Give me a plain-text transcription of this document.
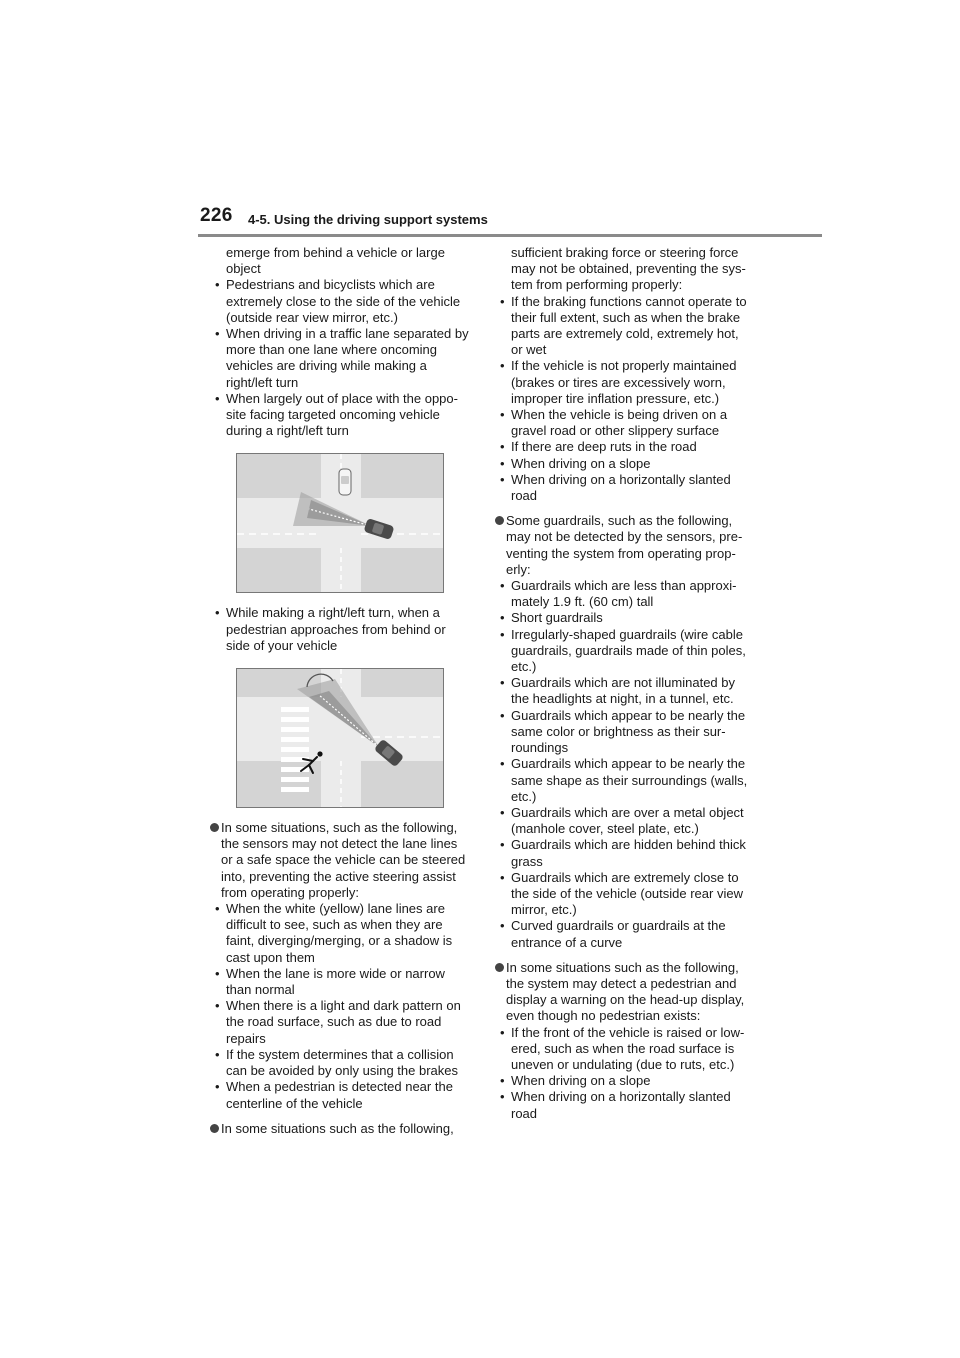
226 4-5. Using the driving support systems
emerge from behind a vehicle or large object
• Pedestrians and bicyclists which are extremely close to the side of the vehicle (outside rear view mirror, etc.)
• When driving in a traffic lane separated by more than one lane where oncoming vehicles are driving while making a right/left turn
• When largely out of place with the oppo-site facing targeted oncoming vehicle during a right/left turn
• While making a right/left turn, when a pedestrian approaches from behind or side of your vehicle
In some situations, such as the following, the sensors may not detect the lane lines or a safe space the vehicle can be steered into, preventing the active steering assist from operating properly:
• When the white (yellow) lane lines are difficult to see, such as when they are faint, diverging/merging, or a shadow is cast upon them
• When the lane is more wide or narrow than normal
• When there is a light and dark pattern on the road surface, such as due to road repairs
• If the system determines that a collision can be avoided by only using the brakes
• When a pedestrian is detected near the centerline of the vehicle
In some situations such as the following,
sufficient braking force or steering force may not be obtained, preventing the sys-tem from performing properly:
• If the braking functions cannot operate to their full extent, such as when the brake parts are extremely cold, extremely hot, or wet
• If the vehicle is not properly maintained (brakes or tires are excessively worn, improper tire inflation pressure, etc.)
• When the vehicle is being driven on a gravel road or other slippery surface
• If there are deep ruts in the road
• When driving on a slope
• When driving on a horizontally slanted road
Some guardrails, such as the following, may not be detected by the sensors, pre-venting the system from operating prop-erly:
• Guardrails which are less than approxi-mately 1.9 ft. (60 cm) tall
• Short guardrails
• Irregularly-shaped guardrails (wire cable guardrails, guardrails made of thin poles, etc.)
• Guardrails which are not illuminated by the headlights at night, in a tunnel, etc.
• Guardrails which appear to be nearly the same color or brightness as their sur-roundings
• Guardrails which appear to be nearly the same shape as their surroundings (walls, etc.)
• Guardrails which are over a metal object (manhole cover, steel plate, etc.)
• Guardrails which are hidden behind thick grass
• Guardrails which are extremely close to the side of the vehicle (outside rear view mirror, etc.)
• Curved guardrails or guardrails at the entrance of a curve
In some situations such as the following, the system may detect a pedestrian and display a warning on the head-up display, even though no pedestrian exists:
• If the front of the vehicle is raised or low-ered, such as when the road surface is uneven or undulating (due to ruts, etc.)
• When driving on a slope
• When driving on a horizontally slanted road
